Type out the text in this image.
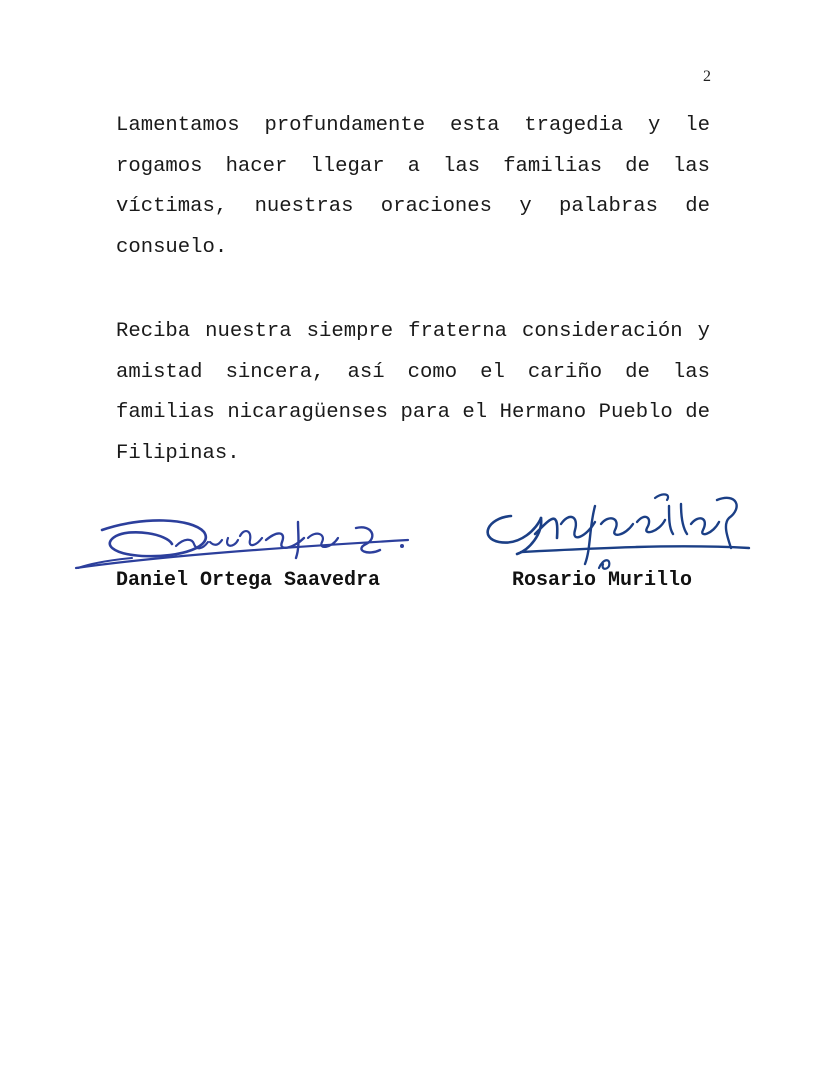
2

Lamentamos profundamente esta tragedia y le rogamos hacer llegar a las familias de las víctimas, nuestras oraciones y palabras de consuelo.

Reciba nuestra siempre fraterna consideración y amistad sincera, así como el cariño de las familias nicaragüenses para el Hermano Pueblo de Filipinas.

Daniel Ortega Saavedra	Rosario Murillo
